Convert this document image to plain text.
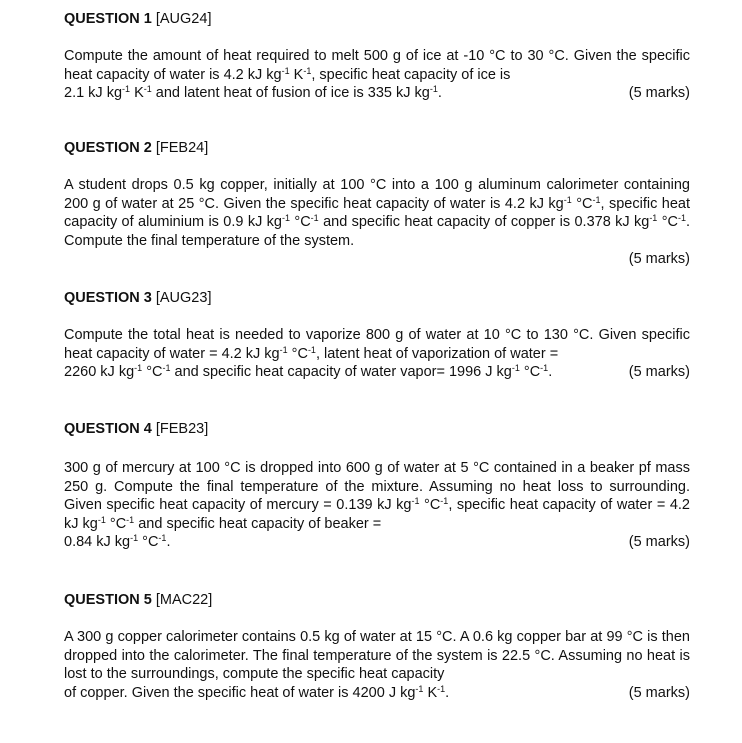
QUESTION 1 [AUG24]

Compute the amount of heat required to melt 500 g of ice at -10 °C to 30 °C. Given the specific heat capacity of water is 4.2 kJ $kg^{-1}$ $K^{-1}$, specific heat capacity of ice is

2.1 kJ $kg^{-1}$ $K^{-1}$ and latent heat of fusion of ice is 335 kJ $kg^{-1}$.	(5 marks)
QUESTION 2 [FEB24]

A student drops 0.5 kg copper, initially at 100 °C into a 100 g aluminum calorimeter containing 200 g of water at 25 °C. Given the specific heat capacity of water is 4.2 kJ $kg^{-1}$ $^\circ C^{-1}$, specific heat capacity of aluminium is 0.9 kJ $kg^{-1}$ $^\circ C^{-1}$ and specific heat capacity of copper is 0.378 kJ $kg^{-1}$ $^\circ C^{-1}$. Compute the final temperature of the system.

(5 marks)
QUESTION 3 [AUG23]

Compute the total heat is needed to vaporize 800 g of water at 10 °C to 130 °C. Given specific heat capacity of water = 4.2 kJ $kg^{-1}$ $^\circ C^{-1}$, latent heat of vaporization of water =

2260 kJ $kg^{-1}$ $^\circ C^{-1}$ and specific heat capacity of water vapor= 1996 J $kg^{-1}$ $^\circ C^{-1}$.	(5 marks)
QUESTION 4 [FEB23]

300 g of mercury at 100 °C is dropped into 600 g of water at 5 °C contained in a beaker pf mass 250 g. Compute the final temperature of the mixture. Assuming no heat loss to surrounding. Given specific heat capacity of mercury = 0.139 kJ $kg^{-1}$ $^\circ C^{-1}$, specific heat capacity of water = 4.2 kJ $kg^{-1}$ $^\circ C^{-1}$ and specific heat capacity of beaker =

0.84 kJ $kg^{-1}$ $^\circ C^{-1}$.	(5 marks)
QUESTION 5 [MAC22]

A 300 g copper calorimeter contains 0.5 kg of water at 15 °C. A 0.6 kg copper bar at 99 °C is then dropped into the calorimeter. The final temperature of the system is 22.5 °C. Assuming no heat is lost to the surroundings, compute the specific heat capacity

of copper. Given the specific heat of water is 4200 J $kg^{-1}$ $K^{-1}$.	(5 marks)
